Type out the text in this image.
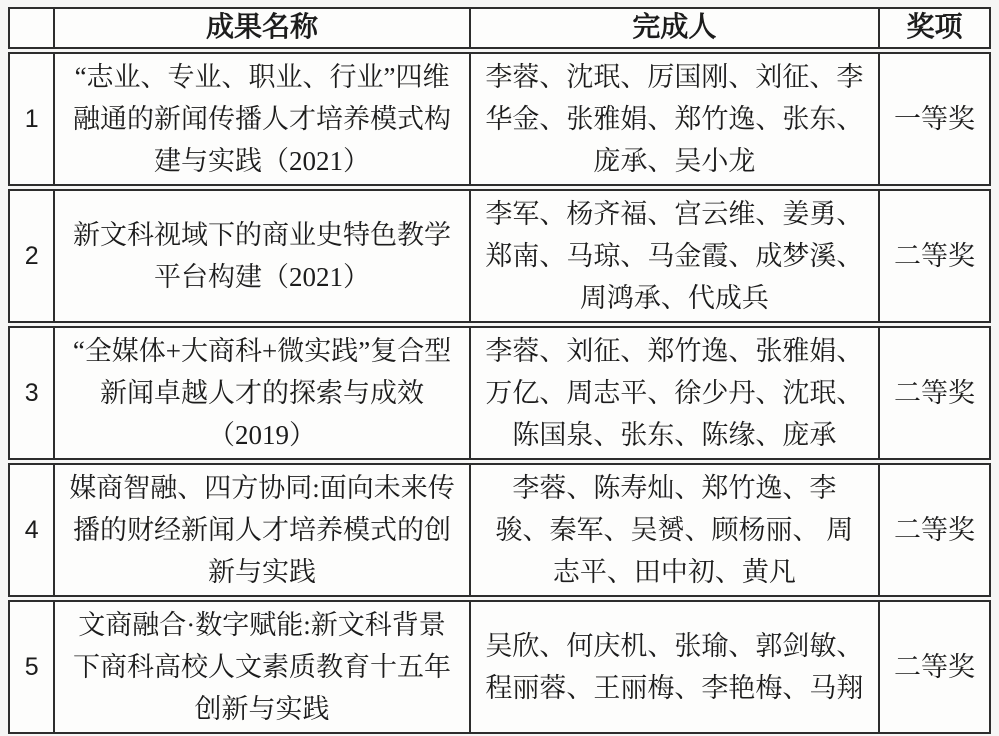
	成果名称	完成人	奖项
1	“志业、专业、职业、行业”四维融通的新闻传播人才培养模式构建与实践（2021）	李蓉、沈珉、厉国刚、刘征、李华金、张雅娟、郑竹逸、张东、庞承、吴小龙	一等奖
2	新文科视域下的商业史特色教学平台构建（2021）	李军、杨齐福、宫云维、姜勇、郑南、马琼、马金霞、成梦溪、周鸿承、代成兵	二等奖
3	“全媒体+大商科+微实践”复合型新闻卓越人才的探索与成效（2019）	李蓉、刘征、郑竹逸、张雅娟、万亿、周志平、徐少丹、沈珉、陈国泉、张东、陈缘、庞承	二等奖
4	媒商智融、四方协同:面向未来传播的财经新闻人才培养模式的创新与实践	李蓉、陈寿灿、郑竹逸、李 骏、秦军、吴赟、顾杨丽、 周志平、田中初、黄凡	二等奖
5	文商融合·数字赋能:新文科背景下商科高校人文素质教育十五年创新与实践	吴欣、何庆机、张瑜、郭剑敏、程丽蓉、王丽梅、李艳梅、马翔	二等奖
